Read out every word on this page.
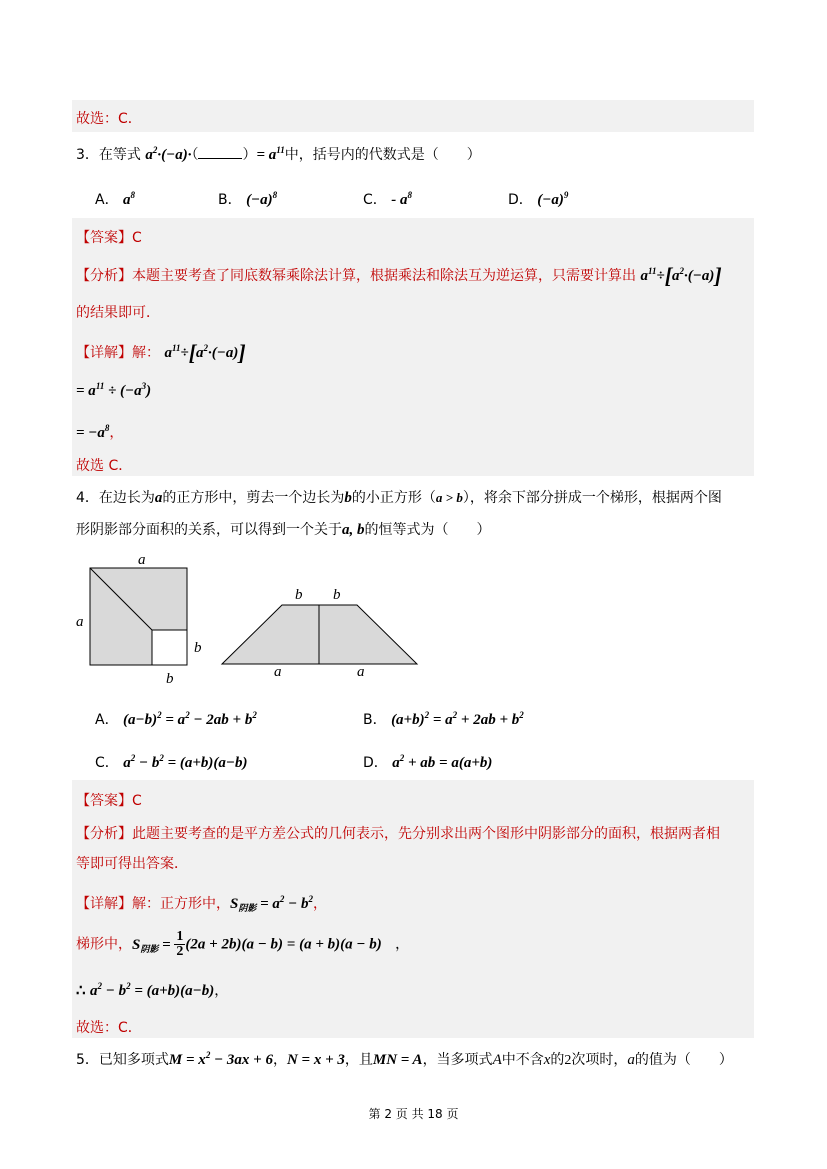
故选：C．
3．在等式 $a^2\cdot(-a)\cdot$（	）= $a^{11}$中，括号内的代数式是（　　）
A． $a^8$	B． $(-a)^8$	C． - $a^8$	D． $(-a)^9$
【答案】C
【分析】本题主要考查了同底数幂乘除法计算，根据乘法和除法互为逆运算，只需要计算出 $a^{11}\div[a^2\cdot(-a)]$
的结果即可．
【详解】解： $a^{11}\div[a^2\cdot(-a)]$
= $a^{11} \div (-a^3)$
= $-a^8$，
故选 C．
4．在边长为a的正方形中，剪去一个边长为b的小正方形（a > b），将余下部分拼成一个梯形，根据两个图
形阴影部分面积的关系，可以得到一个关于a, b的恒等式为（　　）
a
a
b
b
b b
a	a
A． $(a-b)^2 = a^2 - 2ab + b^2$	B． $(a+b)^2 = a^2 + 2ab + b^2$
C． $a^2 - b^2 = (a+b)(a-b)$	D． $a^2$ + ab = a(a+b)
【答案】C
【分析】此题主要考查的是平方差公式的几何表示，先分别求出两个图形中阴影部分的面积，根据两者相
等即可得出答案．
【详解】解：正方形中，$S_{阴影} = a^2 - b^2$，
梯形中，$S_{阴影} = \frac{1}{2} (2a + 2b)(a - b) = (a + b)(a - b)$   ，
∴ $a^2 - b^2 = (a+b)(a-b)$，
故选：C．
5．已知多项式$M = x^2 - 3ax + 6$，N = x + 3，且MN = A，当多项式A中不含x的2次项时，a的值为（　　）
第 2 页 共 18 页
